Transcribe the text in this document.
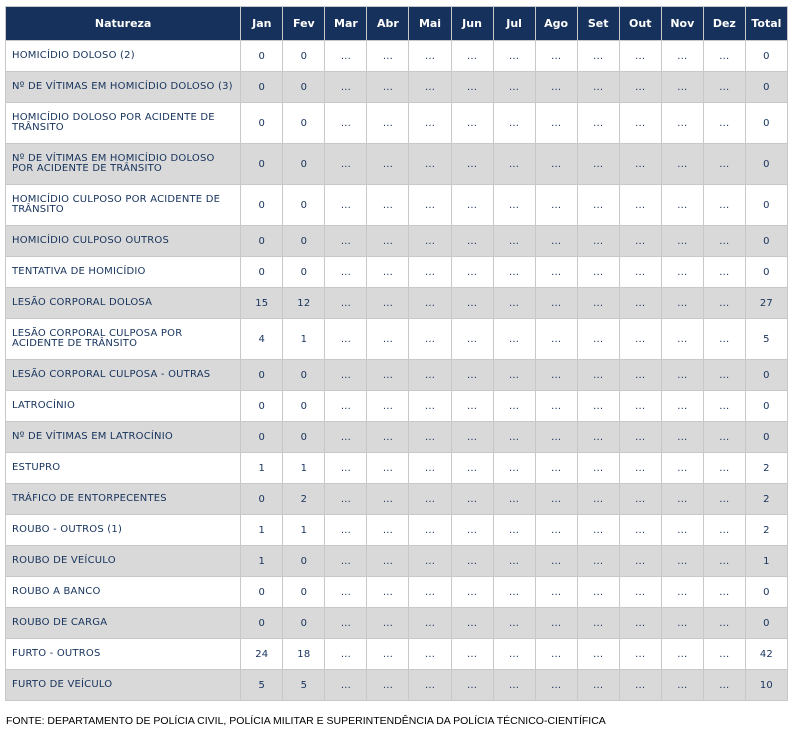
Natureza	Jan	Fev	Mar	Abr	Mai	Jun	Jul	Ago	Set	Out	Nov	Dez	Total
HOMICÍDIO DOLOSO (2)	0	0	...	...	...	...	...	...	...	...	...	...	0
Nº DE VÍTIMAS EM HOMICÍDIO DOLOSO (3)	0	0	...	...	...	...	...	...	...	...	...	...	0
HOMICÍDIO DOLOSO POR ACIDENTE DE TRÂNSITO	0	0	...	...	...	...	...	...	...	...	...	...	0
Nº DE VÍTIMAS EM HOMICÍDIO DOLOSO POR ACIDENTE DE TRÂNSITO	0	0	...	...	...	...	...	...	...	...	...	...	0
HOMICÍDIO CULPOSO POR ACIDENTE DE TRÂNSITO	0	0	...	...	...	...	...	...	...	...	...	...	0
HOMICÍDIO CULPOSO OUTROS	0	0	...	...	...	...	...	...	...	...	...	...	0
TENTATIVA DE HOMICÍDIO	0	0	...	...	...	...	...	...	...	...	...	...	0
LESÃO CORPORAL DOLOSA	15	12	...	...	...	...	...	...	...	...	...	...	27
LESÃO CORPORAL CULPOSA POR ACIDENTE DE TRÂNSITO	4	1	...	...	...	...	...	...	...	...	...	...	5
LESÃO CORPORAL CULPOSA - OUTRAS	0	0	...	...	...	...	...	...	...	...	...	...	0
LATROCÍNIO	0	0	...	...	...	...	...	...	...	...	...	...	0
Nº DE VÍTIMAS EM LATROCÍNIO	0	0	...	...	...	...	...	...	...	...	...	...	0
ESTUPRO	1	1	...	...	...	...	...	...	...	...	...	...	2
TRÁFICO DE ENTORPECENTES	0	2	...	...	...	...	...	...	...	...	...	...	2
ROUBO - OUTROS (1)	1	1	...	...	...	...	...	...	...	...	...	...	2
ROUBO DE VEÍCULO	1	0	...	...	...	...	...	...	...	...	...	...	1
ROUBO A BANCO	0	0	...	...	...	...	...	...	...	...	...	...	0
ROUBO DE CARGA	0	0	...	...	...	...	...	...	...	...	...	...	0
FURTO - OUTROS	24	18	...	...	...	...	...	...	...	...	...	...	42
FURTO DE VEÍCULO	5	5	...	...	...	...	...	...	...	...	...	...	10
FONTE: DEPARTAMENTO DE POLÍCIA CIVIL, POLÍCIA MILITAR E SUPERINTENDÊNCIA DA POLÍCIA TÉCNICO-CIENTÍFICA
